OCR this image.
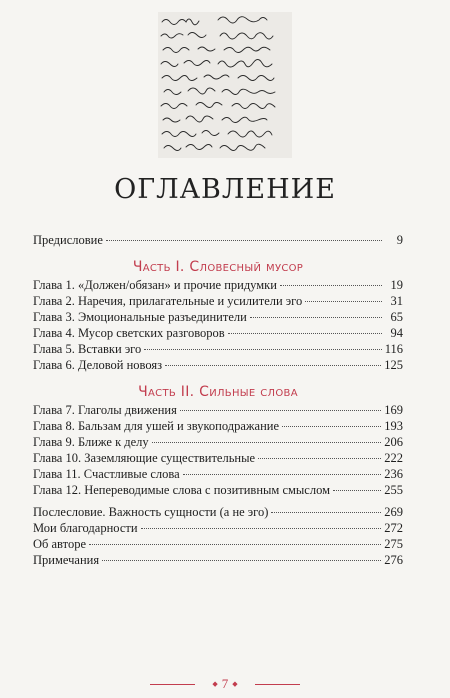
ОГЛАВЛЕНИЕ
Предисловие	9
Часть I. Словесный мусор
Глава 1. «Должен/обязан» и прочие придумки	19
Глава 2. Наречия, прилагательные и усилители эго	31
Глава 3. Эмоциональные разъединители	65
Глава 4. Мусор светских разговоров	94
Глава 5. Вставки эго	116
Глава 6. Деловой новояз	125
Часть II. Сильные слова
Глава 7. Глаголы движения	169
Глава 8. Бальзам для ушей и звукоподражание	193
Глава 9. Ближе к делу	206
Глава 10. Заземляющие существительные	222
Глава 11. Счастливые слова	236
Глава 12. Непереводимые слова с позитивным смыслом	255
Послесловие. Важность сущности (а не эго)	269
Мои благодарности	272
Об авторе	275
Примечания	276
◆ 7 ◆
